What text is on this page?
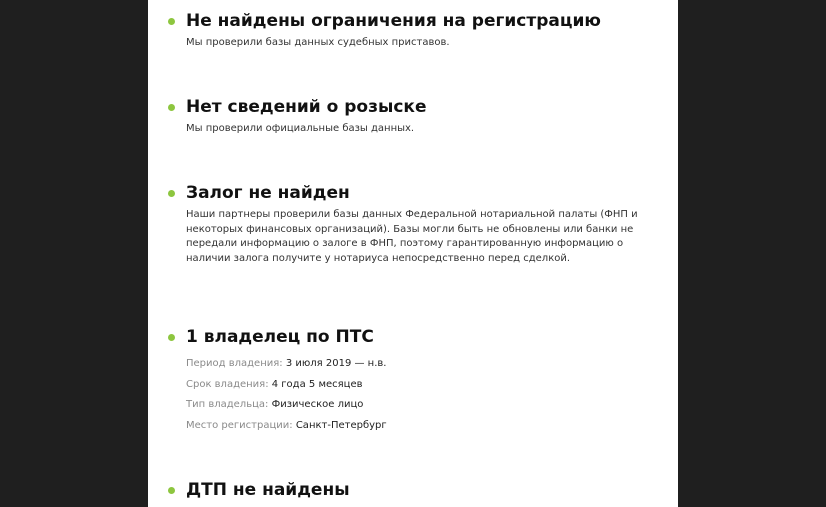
Не найдены ограничения на регистрацию
Мы проверили базы данных судебных приставов.
Нет сведений о розыске
Мы проверили официальные базы данных.
Залог не найден
Наши партнеры проверили базы данных Федеральной нотариальной палаты (ФНП и некоторых финансовых организаций). Базы могли быть не обновлены или банки не передали информацию о залоге в ФНП, поэтому гарантированную информацию о наличии залога получите у нотариуса непосредственно перед сделкой.
1 владелец по ПТС
Период владения: 3 июля 2019 — н.в.
Срок владения: 4 года 5 месяцев
Тип владельца: Физическое лицо
Место регистрации: Санкт-Петербург
ДТП не найдены
